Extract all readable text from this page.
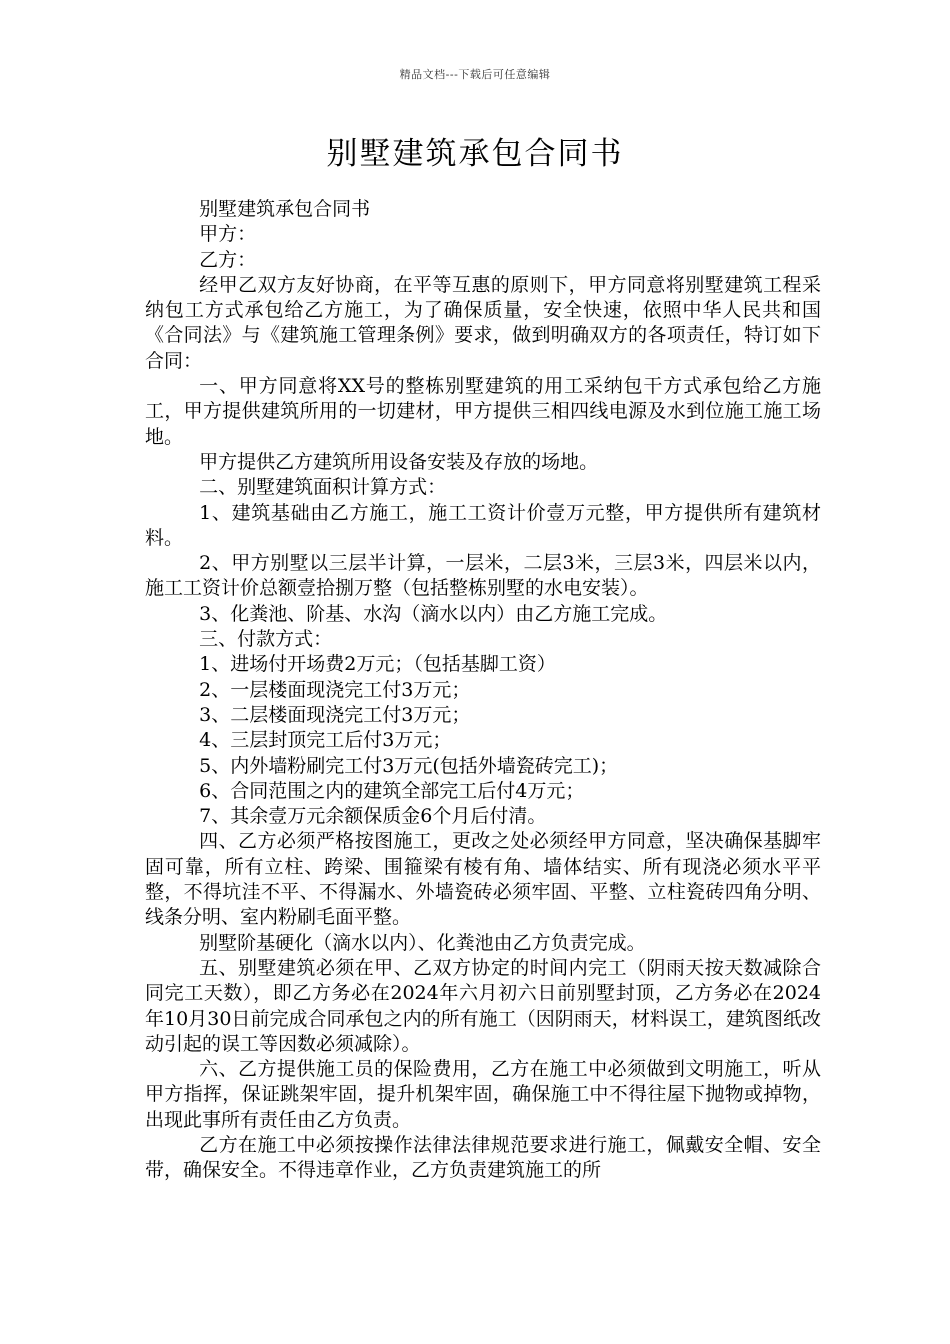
精品文档---下载后可任意编辑
别墅建筑承包合同书

别墅建筑承包合同书

甲方：

乙方：

经甲乙双方友好协商，在平等互惠的原则下，甲方同意将别墅建筑工程采纳包工方式承包给乙方施工，为了确保质量，安全快速，依照中华人民共和国《合同法》与《建筑施工管理条例》要求，做到明确双方的各项责任，特订如下合同：

一、甲方同意将XX号的整栋别墅建筑的用工采纳包干方式承包给乙方施工，甲方提供建筑所用的一切建材，甲方提供三相四线电源及水到位施工施工场地。

甲方提供乙方建筑所用设备安装及存放的场地。

二、别墅建筑面积计算方式：

1、建筑基础由乙方施工，施工工资计价壹万元整，甲方提供所有建筑材料。

2、甲方别墅以三层半计算，一层米，二层3米，三层3米，四层米以内，施工工资计价总额壹拾捌万整（包括整栋别墅的水电安装）。

3、化粪池、阶基、水沟（滴水以内）由乙方施工完成。

三、付款方式：

1、进场付开场费2万元；（包括基脚工资）

2、一层楼面现浇完工付3万元；

3、二层楼面现浇完工付3万元；

4、三层封顶完工后付3万元；

5、内外墙粉刷完工付3万元(包括外墙瓷砖完工)；

6、合同范围之内的建筑全部完工后付4万元；

7、其余壹万元余额保质金6个月后付清。

四、乙方必须严格按图施工，更改之处必须经甲方同意，坚决确保基脚牢固可靠，所有立柱、跨梁、围箍梁有棱有角、墙体结实、所有现浇必须水平平整，不得坑洼不平、不得漏水、外墙瓷砖必须牢固、平整、立柱瓷砖四角分明、线条分明、室内粉刷毛面平整。

别墅阶基硬化（滴水以内）、化粪池由乙方负责完成。

五、别墅建筑必须在甲、乙双方协定的时间内完工（阴雨天按天数减除合同完工天数），即乙方务必在2024年六月初六日前别墅封顶，乙方务必在2024年10月30日前完成合同承包之内的所有施工（因阴雨天，材料误工，建筑图纸改动引起的误工等因数必须减除）。

六、乙方提供施工员的保险费用，乙方在施工中必须做到文明施工，听从甲方指挥，保证跳架牢固，提升机架牢固，确保施工中不得往屋下抛物或掉物，出现此事所有责任由乙方负责。

乙方在施工中必须按操作法律法律规范要求进行施工，佩戴安全帽、安全带，确保安全。不得违章作业，乙方负责建筑施工的所
